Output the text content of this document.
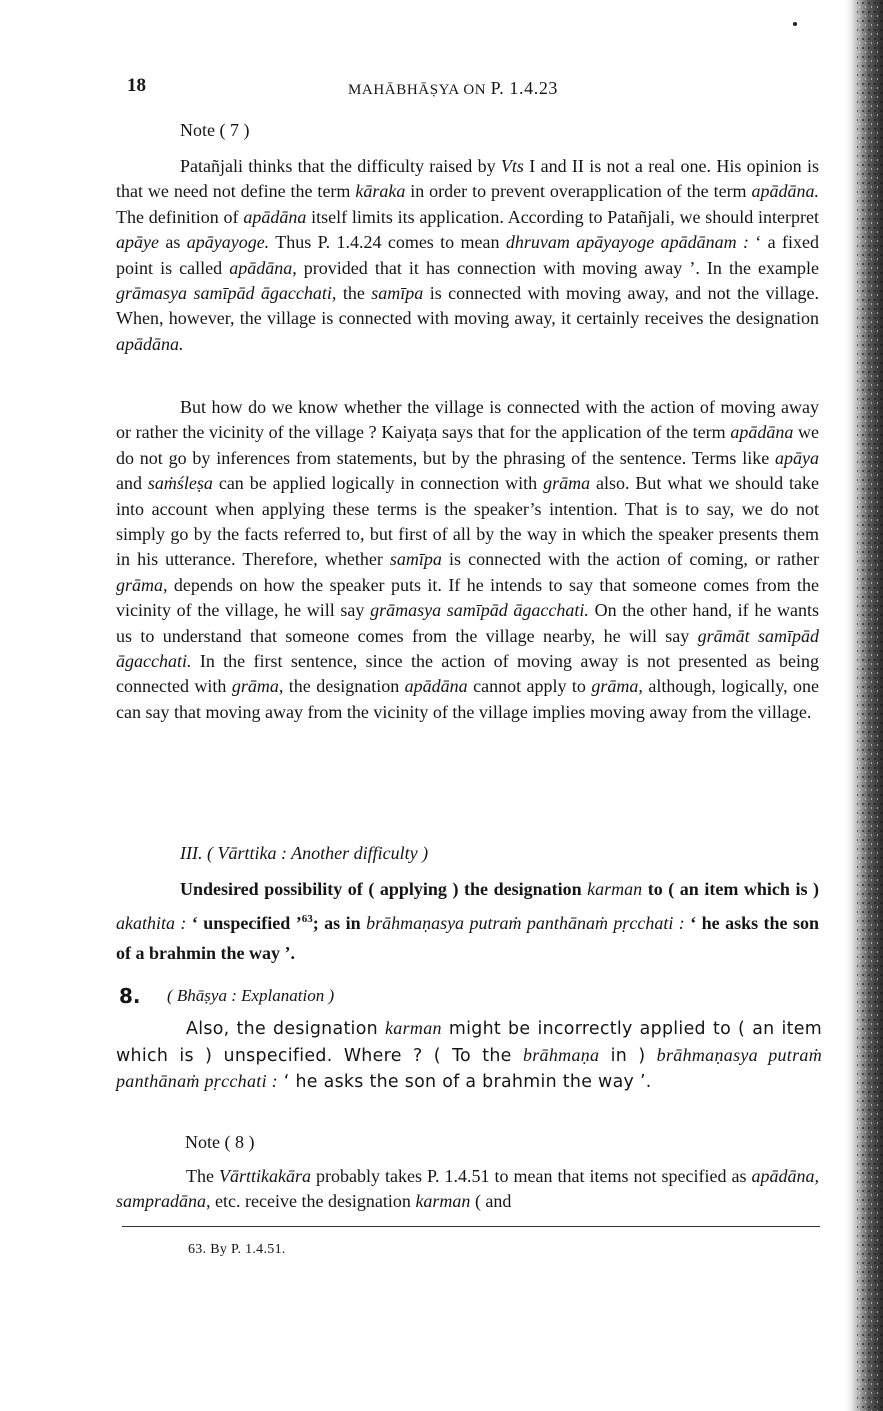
18	MAHĀBHĀṢYA ON P. 1.4.23
Note ( 7 )

Patañjali thinks that the difficulty raised by Vts I and II is not a real one. His opinion is that we need not define the term kāraka in order to prevent overapplication of the term apādāna. The definition of apādāna itself limits its application. According to Patañjali, we should interpret apāye as apāyayoge. Thus P. 1.4.24 comes to mean dhruvam apāyayoge apādānam : ‘ a fixed point is called apādāna, provided that it has connection with moving away ’. In the example grāmasya samīpād āgacchati, the samīpa is connected with moving away, and not the village. When, however, the village is connected with moving away, it certainly receives the designation apādāna.

But how do we know whether the village is connected with the action of moving away or rather the vicinity of the village ? Kaiyaṭa says that for the application of the term apādāna we do not go by inferences from statements, but by the phrasing of the sentence. Terms like apāya and saṁśleṣa can be applied logically in connection with grāma also. But what we should take into account when applying these terms is the speaker’s intention. That is to say, we do not simply go by the facts referred to, but first of all by the way in which the speaker presents them in his utterance. Therefore, whether samīpa is connected with the action of coming, or rather grāma, depends on how the speaker puts it. If he intends to say that someone comes from the vicinity of the village, he will say grāmasya samīpād āgacchati. On the other hand, if he wants us to understand that someone comes from the village nearby, he will say grāmāt samīpād āgacchati. In the first sentence, since the action of moving away is not presented as being connected with grāma, the designation apādāna cannot apply to grāma, although, logically, one can say that moving away from the vicinity of the village implies moving away from the village.

III. ( Vārttika : Another difficulty )

Undesired possibility of ( applying ) the designation karman to ( an item which is ) akathita : ‘ unspecified ’$^{63}$; as in brāhmaṇasya putraṁ panthānaṁ pṛcchati : ‘ he asks the son of a brahmin the way ’.

8. ( Bhāṣya : Explanation )

Also, the designation karman might be incorrectly applied to ( an item which is ) unspecified. Where ? ( To the brāhmaṇa in ) brāhmaṇasya putraṁ panthānaṁ pṛcchati : ‘ he asks the son of a brahmin the way ’.

Note ( 8 )

The Vārttikakāra probably takes P. 1.4.51 to mean that items not specified as apādāna, sampradāna, etc. receive the designation karman ( and

63. By P. 1.4.51.
